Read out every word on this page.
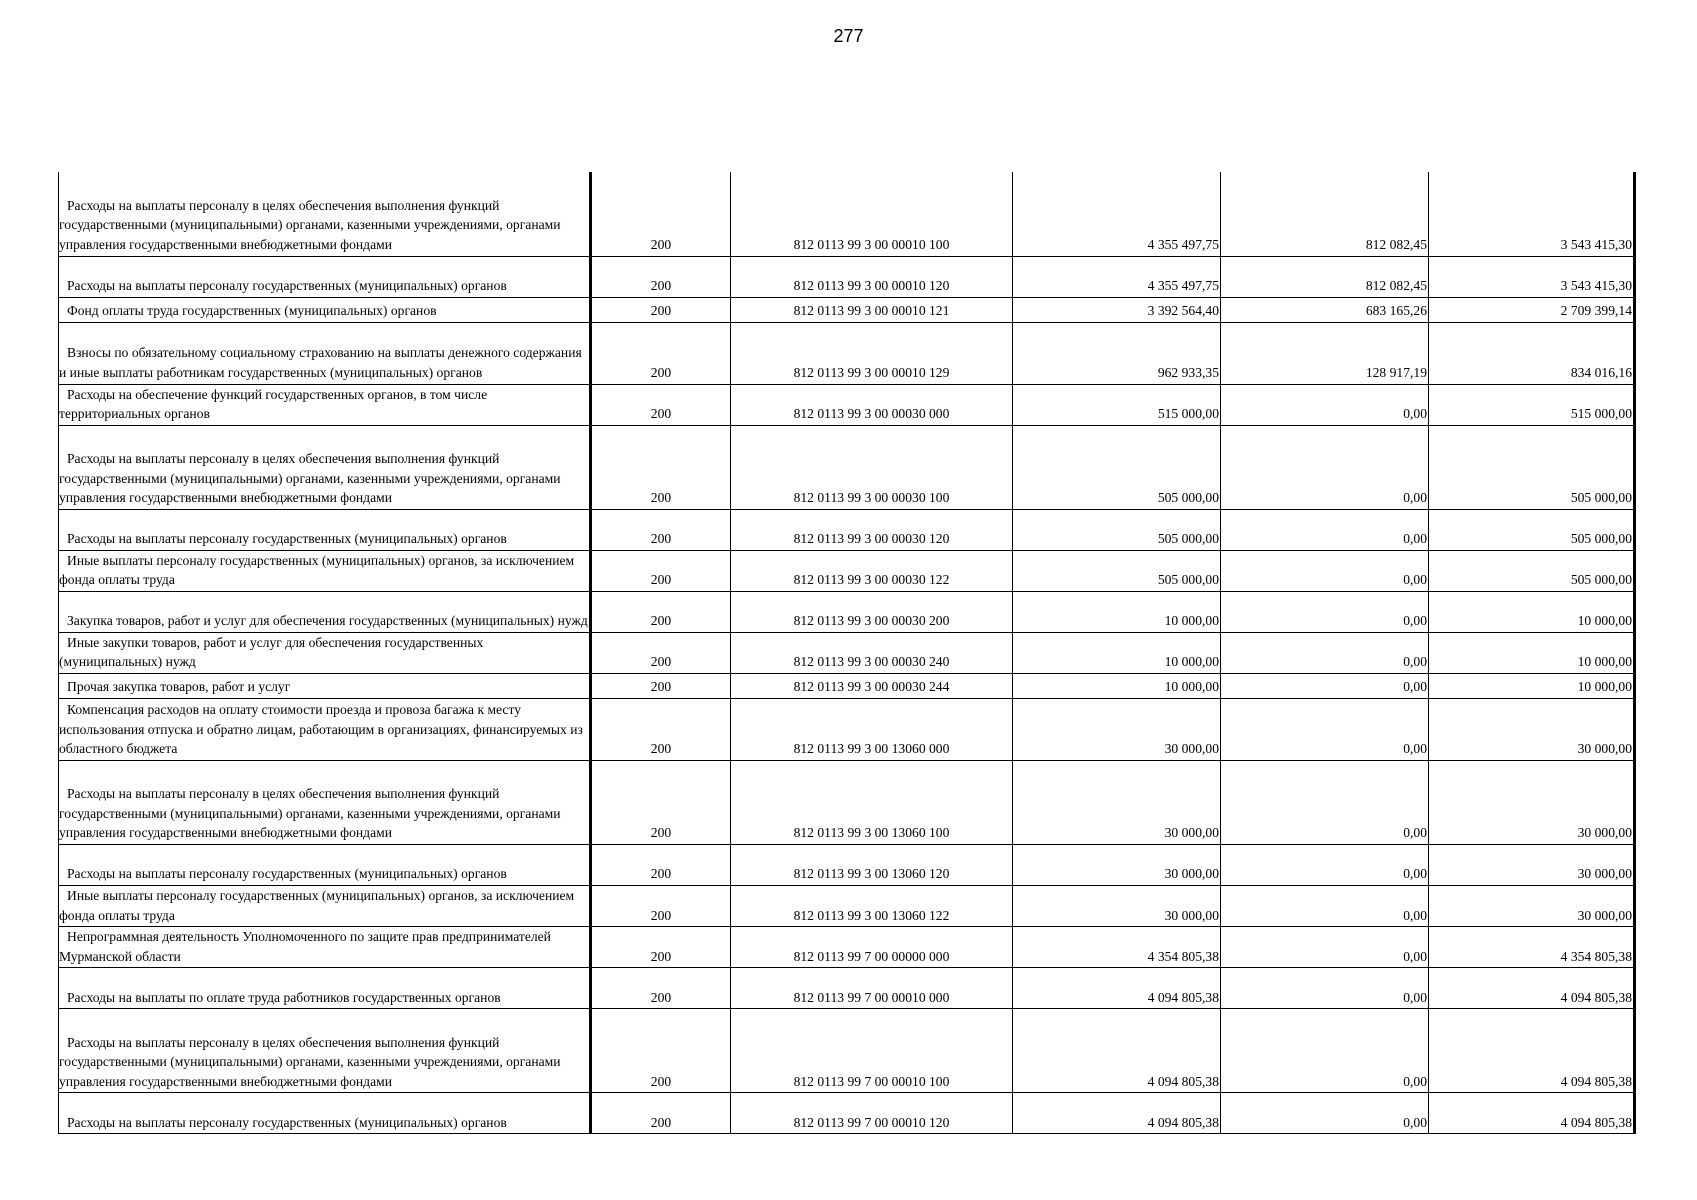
277
Расходы на выплаты персоналу в целях обеспечения выполнения функций государственными (муниципальными) органами, казенными учреждениями, органами управления государственными внебюджетными фондами	200	812 0113 99 3 00 00010 100	4 355 497,75	812 082,45	3 543 415,30

Расходы на выплаты персоналу государственных (муниципальных) органов	200	812 0113 99 3 00 00010 120	4 355 497,75	812 082,45	3 543 415,30

Фонд оплаты труда государственных (муниципальных) органов	200	812 0113 99 3 00 00010 121	3 392 564,40	683 165,26	2 709 399,14

Взносы по обязательному социальному страхованию на выплаты денежного содержания и иные выплаты работникам государственных (муниципальных) органов	200	812 0113 99 3 00 00010 129	962 933,35	128 917,19	834 016,16

Расходы на обеспечение функций государственных органов, в том числе территориальных органов	200	812 0113 99 3 00 00030 000	515 000,00	0,00	515 000,00

Расходы на выплаты персоналу в целях обеспечения выполнения функций государственными (муниципальными) органами, казенными учреждениями, органами управления государственными внебюджетными фондами	200	812 0113 99 3 00 00030 100	505 000,00	0,00	505 000,00

Расходы на выплаты персоналу государственных (муниципальных) органов	200	812 0113 99 3 00 00030 120	505 000,00	0,00	505 000,00

Иные выплаты персоналу государственных (муниципальных) органов, за исключением фонда оплаты труда	200	812 0113 99 3 00 00030 122	505 000,00	0,00	505 000,00

Закупка товаров, работ и услуг для обеспечения государственных (муниципальных) нужд	200	812 0113 99 3 00 00030 200	10 000,00	0,00	10 000,00

Иные закупки товаров, работ и услуг для обеспечения государственных (муниципальных) нужд	200	812 0113 99 3 00 00030 240	10 000,00	0,00	10 000,00

Прочая закупка товаров, работ и услуг	200	812 0113 99 3 00 00030 244	10 000,00	0,00	10 000,00

Компенсация расходов на оплату стоимости проезда и провоза багажа к месту использования отпуска и обратно лицам, работающим в организациях, финансируемых из областного бюджета	200	812 0113 99 3 00 13060 000	30 000,00	0,00	30 000,00

Расходы на выплаты персоналу в целях обеспечения выполнения функций государственными (муниципальными) органами, казенными учреждениями, органами управления государственными внебюджетными фондами	200	812 0113 99 3 00 13060 100	30 000,00	0,00	30 000,00

Расходы на выплаты персоналу государственных (муниципальных) органов	200	812 0113 99 3 00 13060 120	30 000,00	0,00	30 000,00

Иные выплаты персоналу государственных (муниципальных) органов, за исключением фонда оплаты труда	200	812 0113 99 3 00 13060 122	30 000,00	0,00	30 000,00

Непрограммная деятельность Уполномоченного по защите прав предпринимателей Мурманской области	200	812 0113 99 7 00 00000 000	4 354 805,38	0,00	4 354 805,38

Расходы на выплаты по оплате труда работников государственных органов	200	812 0113 99 7 00 00010 000	4 094 805,38	0,00	4 094 805,38

Расходы на выплаты персоналу в целях обеспечения выполнения функций государственными (муниципальными) органами, казенными учреждениями, органами управления государственными внебюджетными фондами	200	812 0113 99 7 00 00010 100	4 094 805,38	0,00	4 094 805,38

Расходы на выплаты персоналу государственных (муниципальных) органов	200	812 0113 99 7 00 00010 120	4 094 805,38	0,00	4 094 805,38
